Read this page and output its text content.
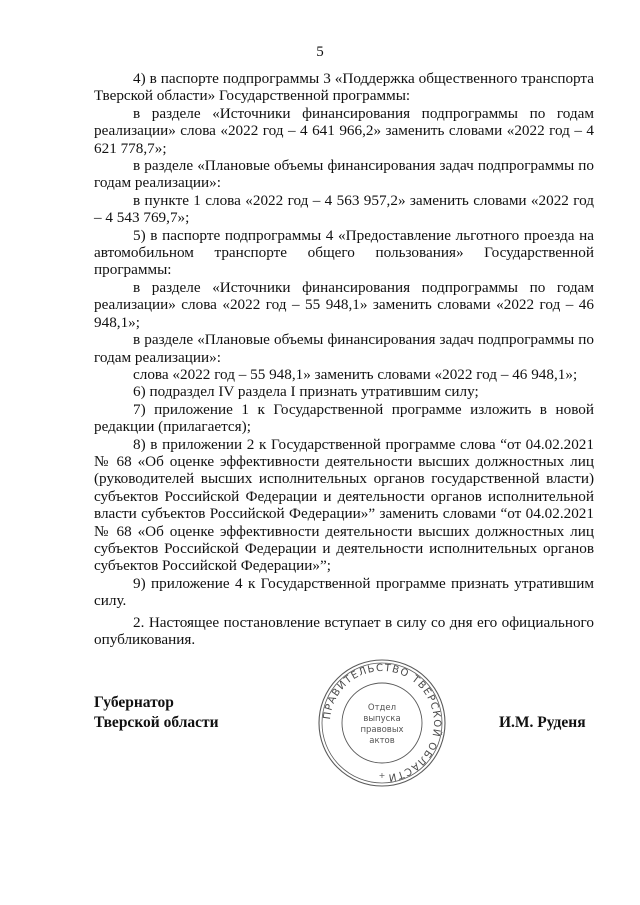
5

4) в паспорте подпрограммы 3 «Поддержка общественного транспорта Тверской области» Государственной программы:

в разделе «Источники финансирования подпрограммы по годам реализации» слова «2022 год – 4 641 966,2» заменить словами «2022 год – 4 621 778,7»;

в разделе «Плановые объемы финансирования задач подпрограммы по годам реализации»:

в пункте 1 слова «2022 год – 4 563 957,2» заменить словами «2022 год – 4 543 769,7»;

5) в паспорте подпрограммы 4 «Предоставление льготного проезда на автомобильном транспорте общего пользования» Государственной программы:

в разделе «Источники финансирования подпрограммы по годам реализации» слова «2022 год – 55 948,1» заменить словами «2022 год – 46 948,1»;

в разделе «Плановые объемы финансирования задач подпрограммы по годам реализации»:

слова «2022 год – 55 948,1» заменить словами «2022 год – 46 948,1»;

6) подраздел IV раздела I признать утратившим силу;

7) приложение 1 к Государственной программе изложить в новой редакции (прилагается);

8) в приложении 2 к Государственной программе слова “от 04.02.2021 № 68 «Об оценке эффективности деятельности высших должностных лиц (руководителей высших исполнительных органов государственной власти) субъектов Российской Федерации и деятельности органов исполнительной власти субъектов Российской Федерации»” заменить словами “от 04.02.2021 № 68 «Об оценке эффективности деятельности высших должностных лиц субъектов Российской Федерации и деятельности исполнительных органов субъектов Российской Федерации»”;

9) приложение 4 к Государственной программе признать утратившим силу.

2. Настоящее постановление вступает в силу со дня его официального опубликования.

Губернатор
Тверской области	ПРАВИТЕЛЬСТВО ТВЕРСКОЙ ОБЛАСТИ
Отдел
выпуска
правовых
актов
+
И.М. Руденя
